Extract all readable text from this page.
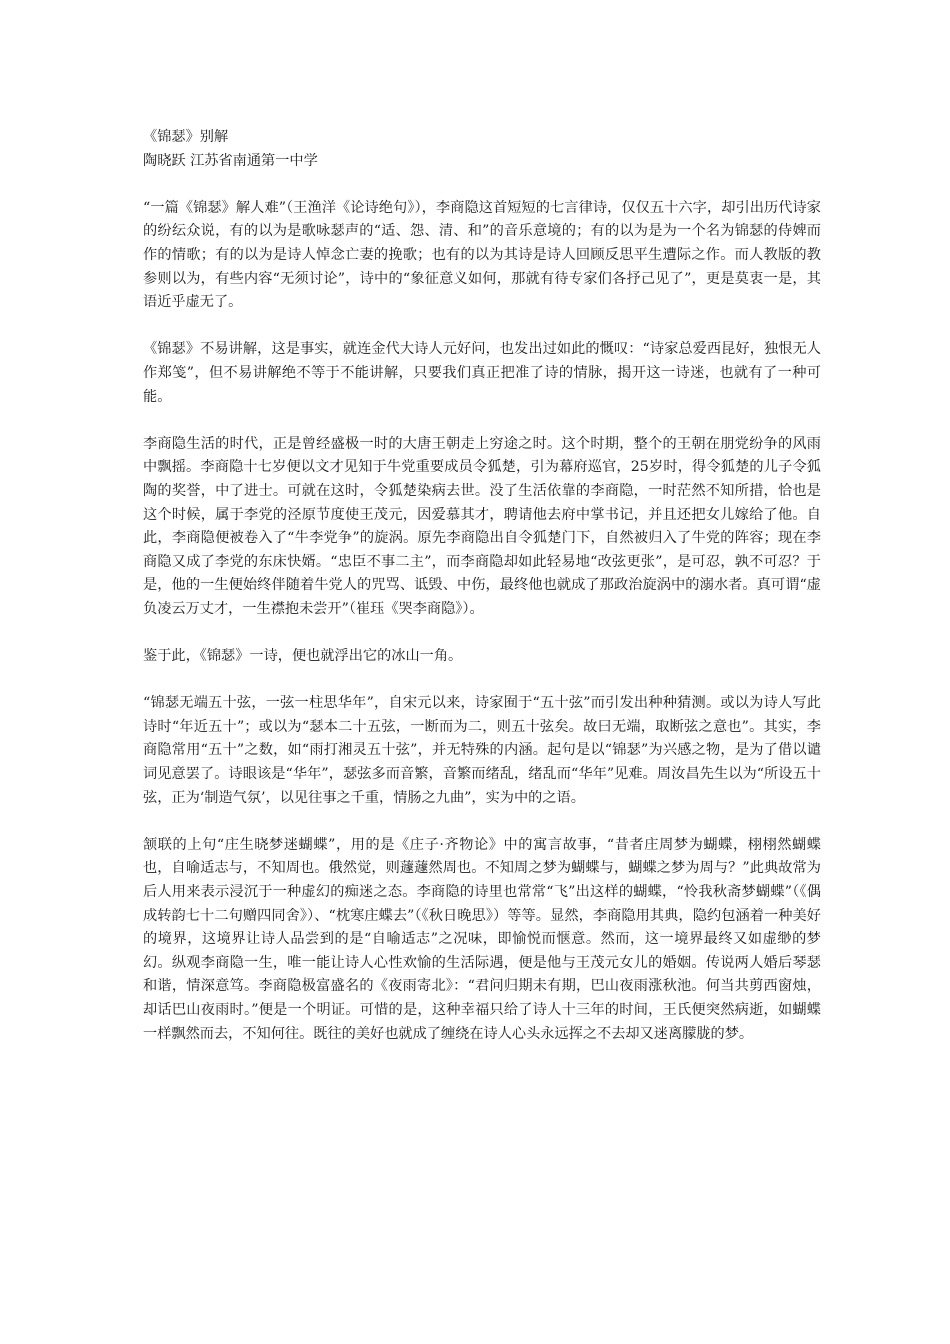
《锦瑟》别解

陶晓跃 江苏省南通第一中学

“一篇《锦瑟》解人难”（王渔洋《论诗绝句》），李商隐这首短短的七言律诗，仅仅五十六字，却引出历代诗家的纷纭众说，有的以为是歌咏瑟声的“适、怨、清、和”的音乐意境的；有的以为是为一个名为锦瑟的侍婢而作的情歌；有的以为是诗人悼念亡妻的挽歌；也有的以为其诗是诗人回顾反思平生遭际之作。而人教版的教参则以为，有些内容“无须讨论”，诗中的“象征意义如何，那就有待专家们各抒己见了”，更是莫衷一是，其语近乎虚无了。

《锦瑟》不易讲解，这是事实，就连金代大诗人元好问，也发出过如此的慨叹：“诗家总爱西昆好，独恨无人作郑笺”，但不易讲解绝不等于不能讲解，只要我们真正把准了诗的情脉，揭开这一诗迷，也就有了一种可能。

李商隐生活的时代，正是曾经盛极一时的大唐王朝走上穷途之时。这个时期，整个的王朝在朋党纷争的风雨中飘摇。李商隐十七岁便以文才见知于牛党重要成员令狐楚，引为幕府巡官，25岁时，得令狐楚的儿子令狐陶的奖誉，中了进士。可就在这时，令狐楚染病去世。没了生活依靠的李商隐，一时茫然不知所措，恰也是这个时候，属于李党的泾原节度使王茂元，因爱慕其才，聘请他去府中掌书记，并且还把女儿嫁给了他。自此，李商隐便被卷入了“牛李党争”的旋涡。原先李商隐出自令狐楚门下，自然被归入了牛党的阵容；现在李商隐又成了李党的东床快婿。“忠臣不事二主”，而李商隐却如此轻易地“改弦更张”，是可忍，孰不可忍？于是，他的一生便始终伴随着牛党人的咒骂、诋毁、中伤，最终他也就成了那政治旋涡中的溺水者。真可谓“虚负凌云万丈才，一生襟抱未尝开”（崔珏《哭李商隐》）。

鉴于此，《锦瑟》一诗，便也就浮出它的冰山一角。

“锦瑟无端五十弦，一弦一柱思华年”，自宋元以来，诗家囿于“五十弦”而引发出种种猜测。或以为诗人写此诗时“年近五十”；或以为“瑟本二十五弦，一断而为二，则五十弦矣。故曰无端，取断弦之意也”。其实，李商隐常用“五十”之数，如“雨打湘灵五十弦”，并无特殊的内涵。起句是以“锦瑟”为兴感之物，是为了借以谴词见意罢了。诗眼该是“华年”，瑟弦多而音繁，音繁而绪乱，绪乱而“华年”见难。周汝昌先生以为“所设五十弦，正为‘制造气氛’，以见往事之千重，情肠之九曲”，实为中的之语。

颔联的上句“庄生晓梦迷蝴蝶”，用的是《庄子·齐物论》中的寓言故事，“昔者庄周梦为蝴蝶，栩栩然蝴蝶也，自喻适志与，不知周也。俄然觉，则蘧蘧然周也。不知周之梦为蝴蝶与，蝴蝶之梦为周与？”此典故常为后人用来表示浸沉于一种虚幻的痴迷之态。李商隐的诗里也常常“飞”出这样的蝴蝶，“怜我秋斋梦蝴蝶”（《偶成转韵七十二句赠四同舍》）、“枕寒庄蝶去”（《秋日晚思》）等等。显然，李商隐用其典，隐约包涵着一种美好的境界，这境界让诗人品尝到的是“自喻适志”之况味，即愉悦而惬意。然而，这一境界最终又如虚缈的梦幻。纵观李商隐一生，唯一能让诗人心性欢愉的生活际遇，便是他与王茂元女儿的婚姻。传说两人婚后琴瑟和谐，情深意笃。李商隐极富盛名的《夜雨寄北》：“君问归期未有期，巴山夜雨涨秋池。何当共剪西窗烛，却话巴山夜雨时。”便是一个明证。可惜的是，这种幸福只给了诗人十三年的时间，王氏便突然病逝，如蝴蝶一样飘然而去，不知何往。既往的美好也就成了缠绕在诗人心头永远挥之不去却又迷离朦胧的梦。
